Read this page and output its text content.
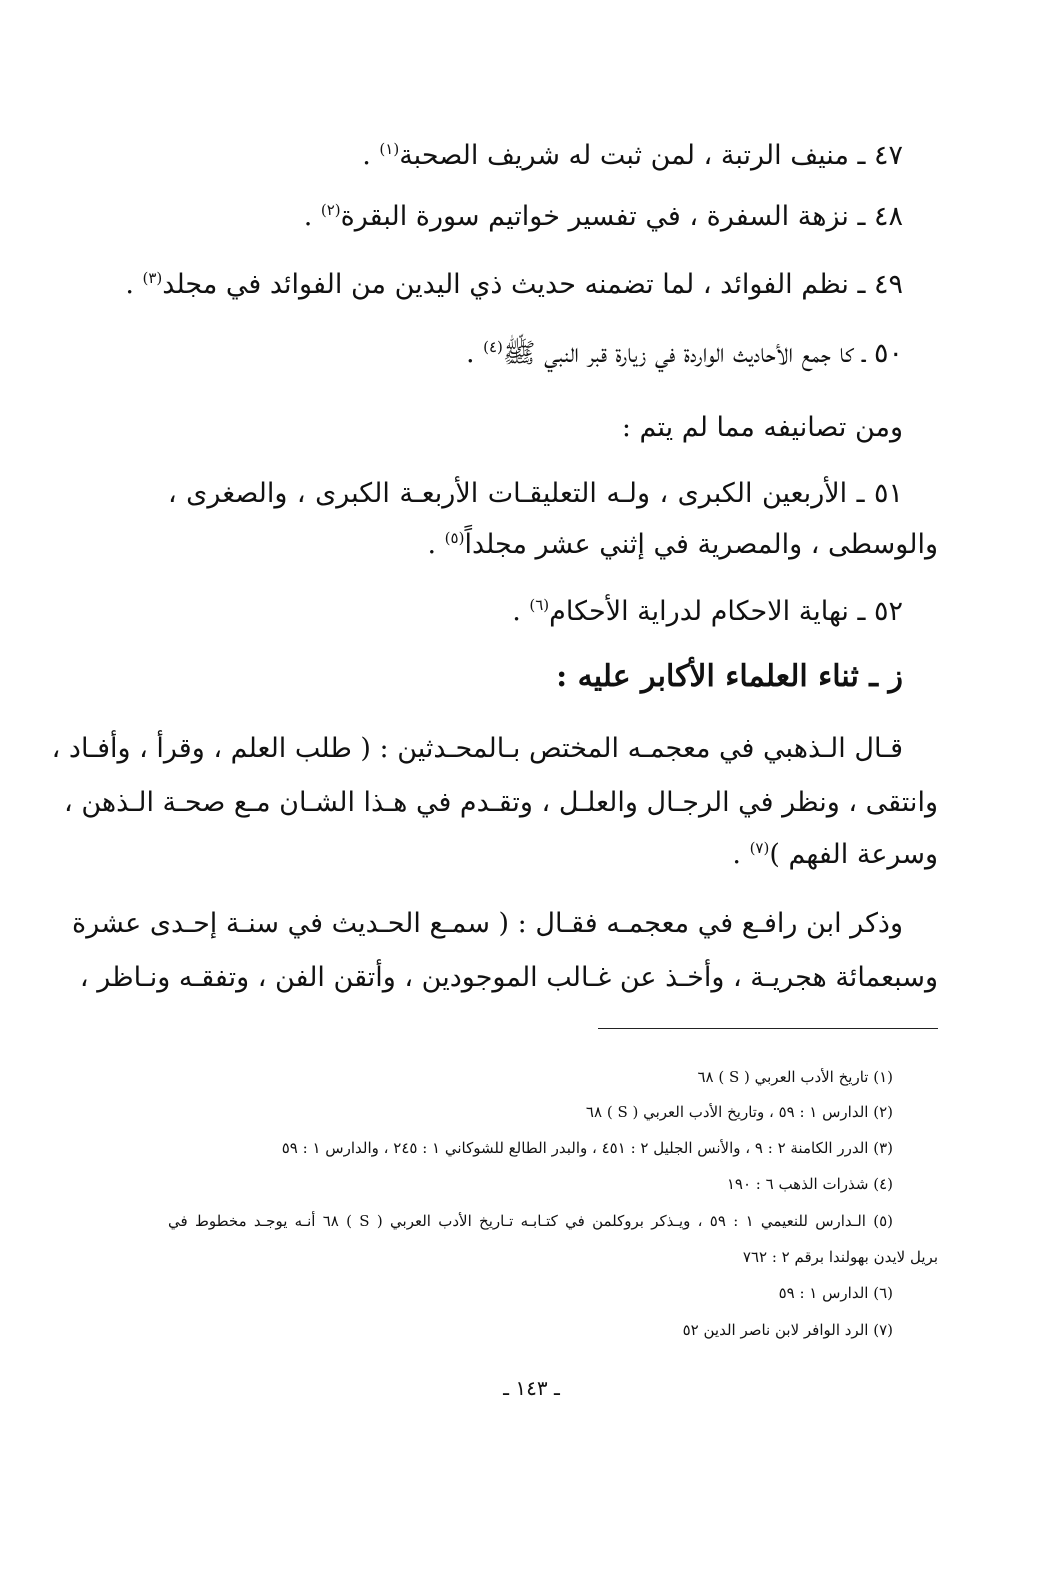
٤٧ ـ منيف الرتبة ، لمن ثبت له شريف الصحبة$^{(١)}$ .
٤٨ ـ نزهة السفرة ، في تفسير خواتيم سورة البقرة$^{(٢)}$ .
٤٩ ـ نظم الفوائد ، لما تضمنه حديث ذي اليدين من الفوائد في مجلد$^{(٣)}$ .
٥٠ ـ كا جمع الأحاديث الواردة في زيارة قبر النبي ﷺ$^{(٤)}$ .
ومن تصانيفه مما لم يتم :
٥١ ـ الأربعين الكبرى ، ولـه التعليقـات الأربعـة الكبرى ، والصغرى ،
والوسطى ، والمصرية في إثني عشر مجلداً$^{(٥)}$ .
٥٢ ـ نهاية الاحكام لدراية الأحكام$^{(٦)}$ .
ز ـ ثناء العلماء الأكابر عليه :
قـال الـذهبي في معجمـه المختص بـالمحـدثين : ( طلب العلم ، وقرأ ، وأفـاد ،
وانتقى ، ونظر في الرجـال والعلـل ، وتقـدم في هـذا الشـان مـع صحـة الـذهن ،
وسرعة الفهم )$^{(٧)}$ .
وذكر ابن رافـع في معجمـه فقـال : ( سمـع الحـديث في سنـة إحـدى عشرة
وسبعمائة هجريـة ، وأخـذ عن غـالب الموجودين ، وأتقن الفن ، وتفقـه ونـاظر ،
(١) تاريخ الأدب العربي ( S ) ٦٨
(٢) الدارس ١ : ٥٩ ، وتاريخ الأدب العربي ( S ) ٦٨
(٣) الدرر الكامنة ٢ : ٩ ، والأنس الجليل ٢ : ٤٥١ ، والبدر الطالع للشوكاني ١ : ٢٤٥ ، والدارس ١ : ٥٩
(٤) شذرات الذهب ٦ : ١٩٠
(٥) الـدارس للنعيمي ١ : ٥٩ ، ويـذكر بروكلمن في كتـابـه تـاريخ الأدب العربي ( S ) ٦٨ أنـه يوجـد مخطوط في
بريل لايدن بهولندا برقم ٢ : ٧٦٢
(٦) الدارس ١ : ٥٩
(٧) الرد الوافر لابن ناصر الدين ٥٢
ـ ١٤٣ ـ
